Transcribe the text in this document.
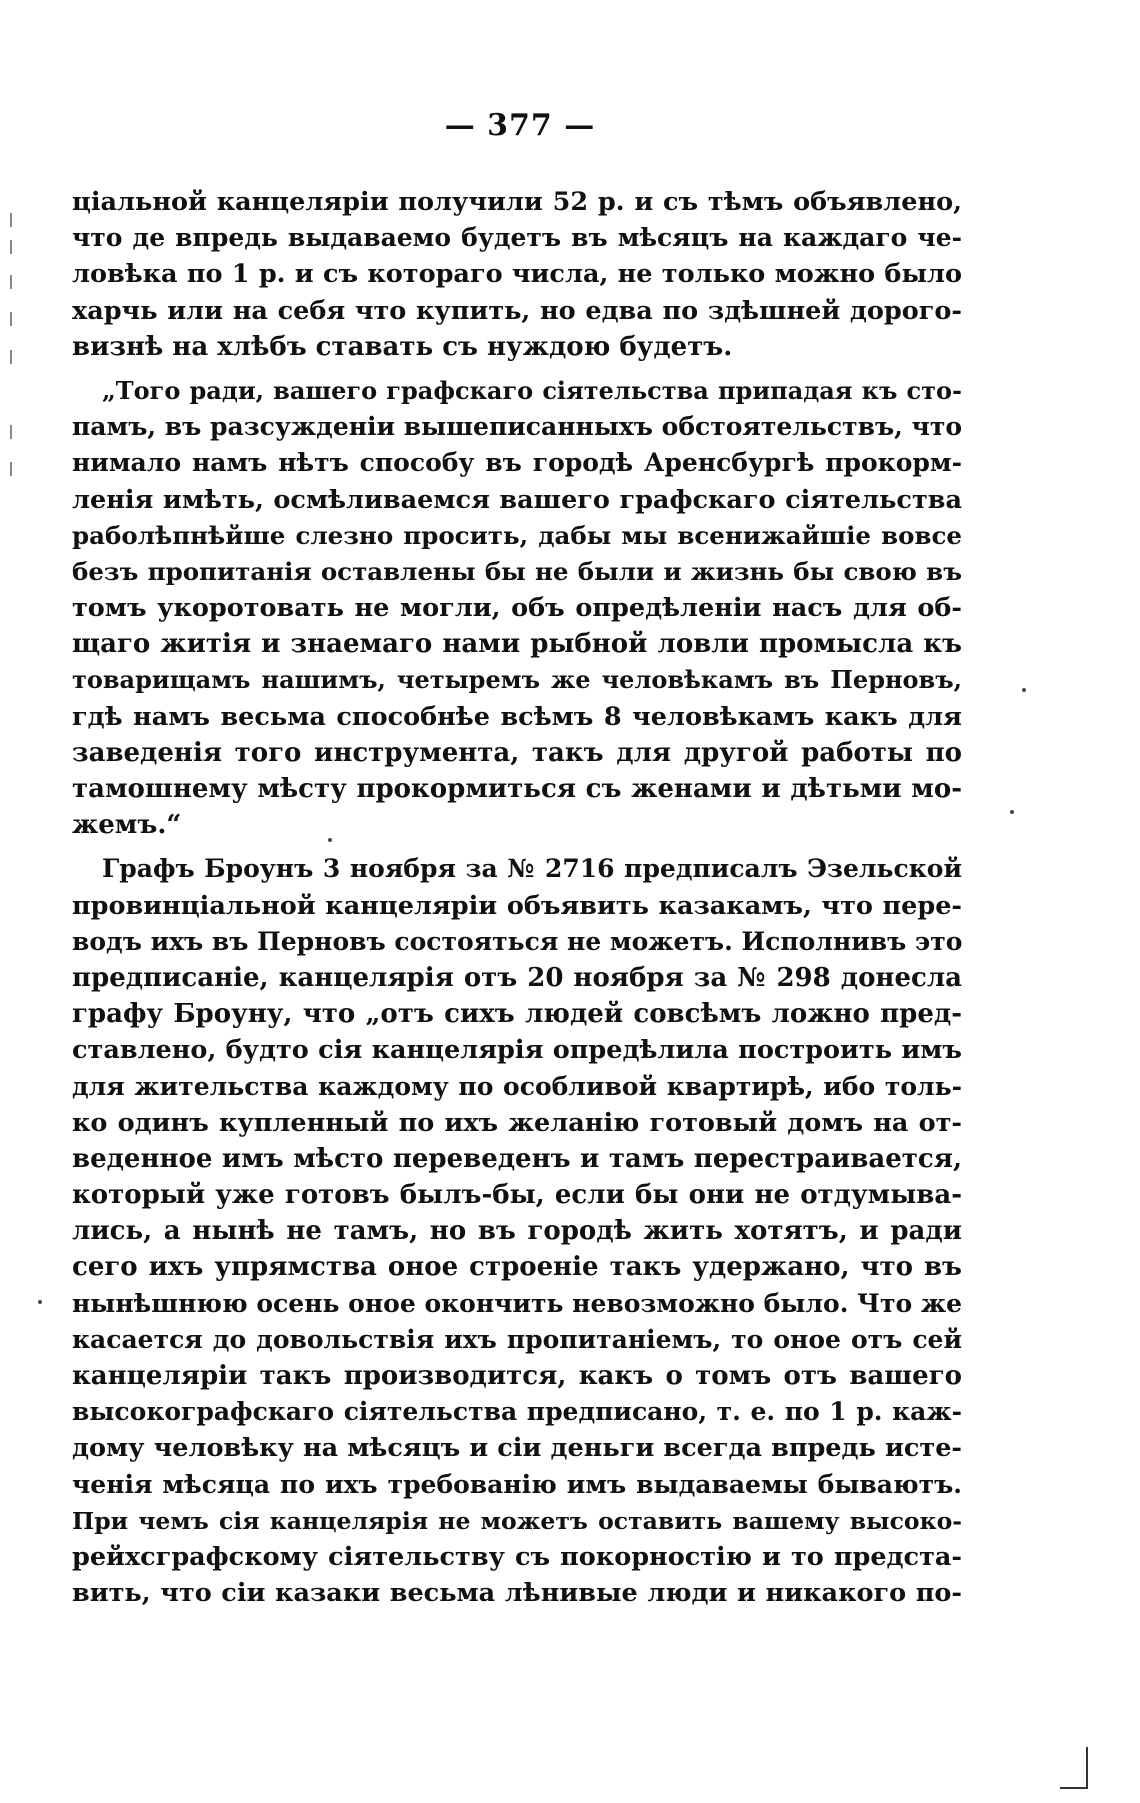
— 377 —
ціальной канцеляріи получили 52 р. и съ тѣмъ объявлено,
что де впредь выдаваемо будетъ въ мѣсяцъ на каждаго че-
ловѣка по 1 р. и съ котораго числа, не только можно было
харчь или на себя что купить, но едва по здѣшней дорого-
визнѣ на хлѣбъ ставать съ нуждою будетъ.
„Того ради, вашего графскаго сіятельства припадая къ сто-
памъ, въ разсужденіи вышеписанныхъ обстоятельствъ, что
нимало намъ нѣтъ способу въ городѣ Аренсбургѣ прокорм-
ленія имѣть, осмѣливаемся вашего графскаго сіятельства
раболѣпнѣйше слезно просить, дабы мы всенижайшіе вовсе
безъ пропитанія оставлены бы не были и жизнь бы свою въ
томъ укоротовать не могли, объ опредѣленіи насъ для об-
щаго житія и знаемаго нами рыбной ловли промысла къ
товарищамъ нашимъ, четыремъ же человѣкамъ въ Перновъ,
гдѣ намъ весьма способнѣе всѣмъ 8 человѣкамъ какъ для
заведенія того инструмента, такъ для другой работы по
тамошнему мѣсту прокормиться съ женами и дѣтьми мо-
жемъ.“
Графъ Броунъ 3 ноября за № 2716 предписалъ Эзельской
провинціальной канцеляріи объявить казакамъ, что пере-
водъ ихъ въ Перновъ состояться не можетъ. Исполнивъ это
предписаніе, канцелярія отъ 20 ноября за № 298 донесла
графу Броуну, что „отъ сихъ людей совсѣмъ ложно пред-
ставлено, будто сія канцелярія опредѣлила построить имъ
для жительства каждому по особливой квартирѣ, ибо толь-
ко одинъ купленный по ихъ желанію готовый домъ на от-
веденное имъ мѣсто переведенъ и тамъ перестраивается,
который уже готовъ былъ-бы, если бы они не отдумыва-
лись, а нынѣ не тамъ, но въ городѣ жить хотятъ, и ради
сего ихъ упрямства оное строеніе такъ удержано, что въ
нынѣшнюю осень оное окончить невозможно было. Что же
касается до довольствія ихъ пропитаніемъ, то оное отъ сей
канцеляріи такъ производится, какъ о томъ отъ вашего
высокографскаго сіятельства предписано, т. е. по 1 р. каж-
дому человѣку на мѣсяцъ и сіи деньги всегда впредь исте-
ченія мѣсяца по ихъ требованію имъ выдаваемы бываютъ.
При чемъ сія канцелярія не можетъ оставить вашему высоко-
рейхсграфскому сіятельству съ покорностію и то предста-
вить, что сіи казаки весьма лѣнивые люди и никакого по-
